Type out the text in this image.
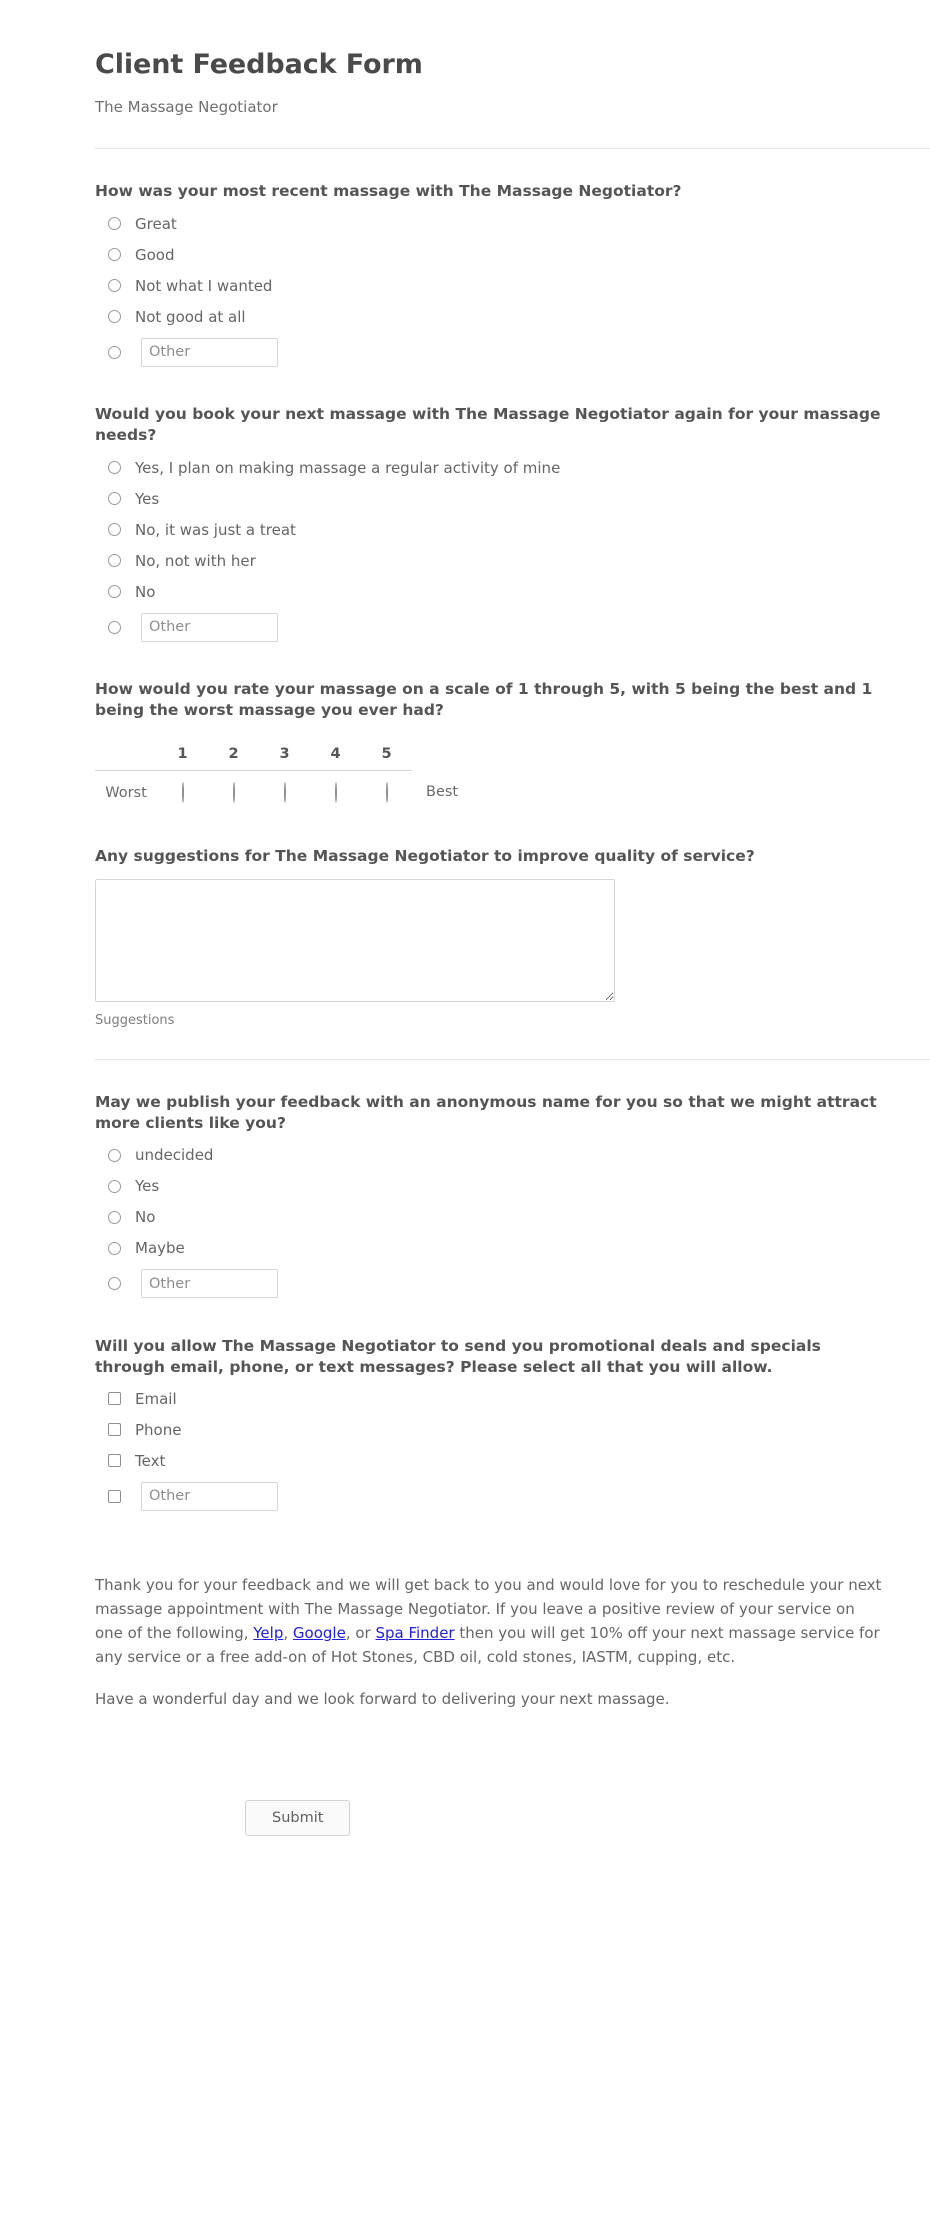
Client Feedback Form
The Massage Negotiator
How was your most recent massage with The Massage Negotiator?
Great
Good
Not what I wanted
Not good at all
Other
Would you book your next massage with The Massage Negotiator again for your massage needs?
Yes, I plan on making massage a regular activity of mine
Yes
No, it was just a treat
No, not with her
No
Other
How would you rate your massage on a scale of 1 through 5, with 5 being the best and 1 being the worst massage you ever had?
	1	2	3	4	5	
Worst						Best
Any suggestions for The Massage Negotiator to improve quality of service?
Suggestions
May we publish your feedback with an anonymous name for you so that we might attract more clients like you?
undecided
Yes
No
Maybe
Other
Will you allow The Massage Negotiator to send you promotional deals and specials through email, phone, or text messages? Please select all that you will allow.
Email
Phone
Text
Other

Thank you for your feedback and we will get back to you and would love for you to reschedule your next massage appointment with The Massage Negotiator. If you leave a positive review of your service on one of the following, Yelp, Google, or Spa Finder then you will get 10% off your next massage service for any service or a free add-on of Hot Stones, CBD oil, cold stones, IASTM, cupping, etc.

Have a wonderful day and we look forward to delivering your next massage.

Submit
